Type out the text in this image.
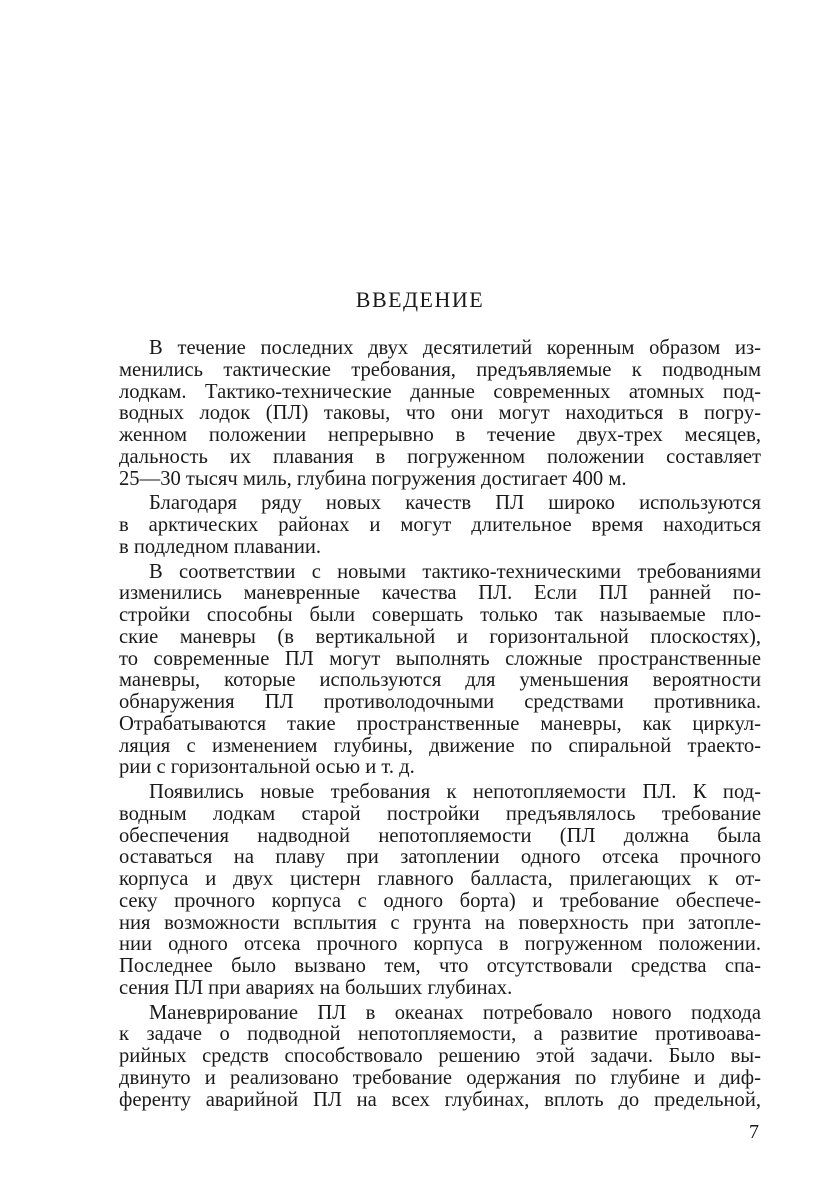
ВВЕДЕНИЕ

В течение последних двух десятилетий коренным образом из-
менились тактические требования, предъявляемые к подводным
лодкам. Тактико-технические данные современных атомных под-
водных лодок (ПЛ) таковы, что они могут находиться в погру-
женном положении непрерывно в течение двух-трех месяцев,
дальность их плавания в погруженном положении составляет
25—30 тысяч миль, глубина погружения достигает 400 м.

Благодаря ряду новых качеств ПЛ широко используются
в арктических районах и могут длительное время находиться
в подледном плавании.

В соответствии с новыми тактико-техническими требованиями
изменились маневренные качества ПЛ. Если ПЛ ранней по-
стройки способны были совершать только так называемые пло-
ские маневры (в вертикальной и горизонтальной плоскостях),
то современные ПЛ могут выполнять сложные пространственные
маневры, которые используются для уменьшения вероятности
обнаружения ПЛ противолодочными средствами противника.
Отрабатываются такие пространственные маневры, как циркул-
ляция с изменением глубины, движение по спиральной траекто-
рии с горизонтальной осью и т. д.

Появились новые требования к непотопляемости ПЛ. К под-
водным лодкам старой постройки предъявлялось требование
обеспечения надводной непотопляемости (ПЛ должна была
оставаться на плаву при затоплении одного отсека прочного
корпуса и двух цистерн главного балласта, прилегающих к от-
секу прочного корпуса с одного борта) и требование обеспече-
ния возможности всплытия с грунта на поверхность при затопле-
нии одного отсека прочного корпуса в погруженном положении.
Последнее было вызвано тем, что отсутствовали средства спа-
сения ПЛ при авариях на больших глубинах.

Маневрирование ПЛ в океанах потребовало нового подхода
к задаче о подводной непотопляемости, а развитие противоава-
рийных средств способствовало решению этой задачи. Было вы-
двинуто и реализовано требование одержания по глубине и диф-
ференту аварийной ПЛ на всех глубинах, вплоть до предельной,

7
